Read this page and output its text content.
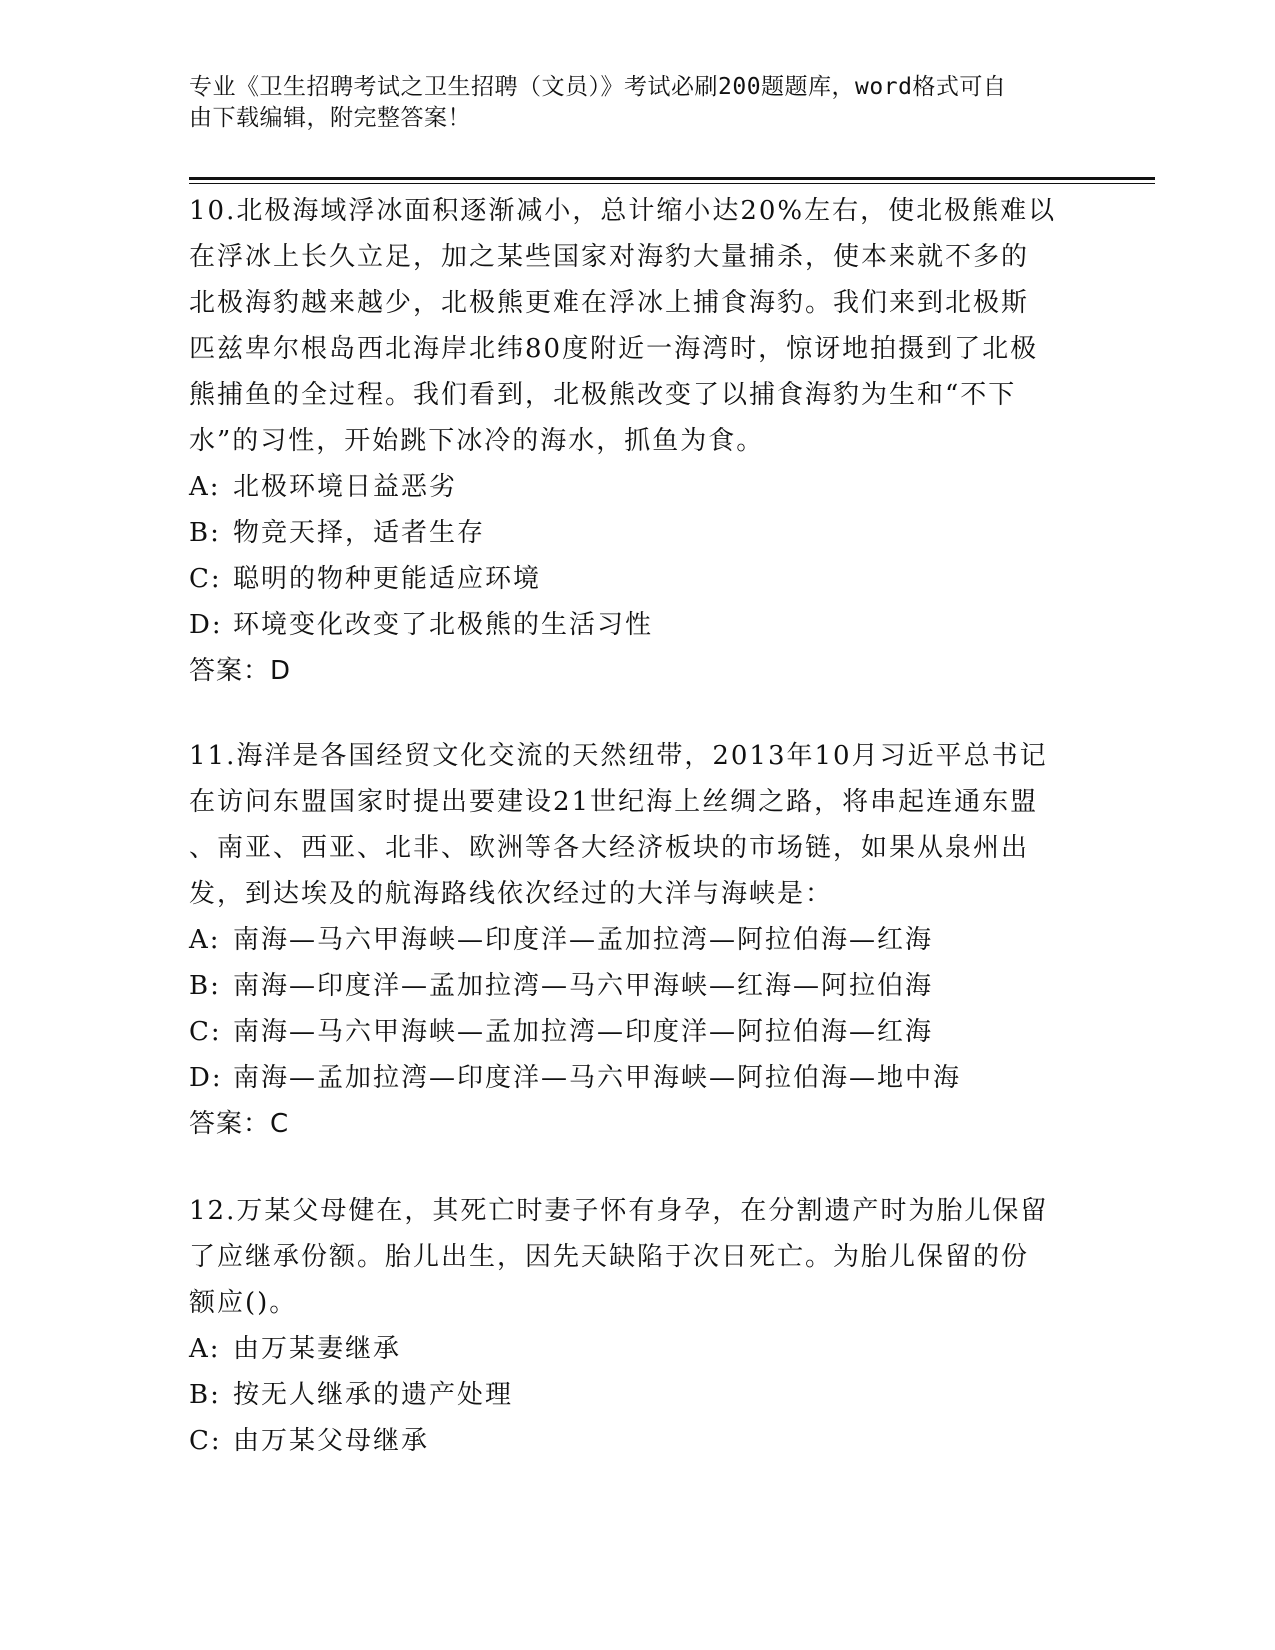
专业《卫生招聘考试之卫生招聘（文员）》考试必刷200题题库，word格式可自
由下载编辑，附完整答案！

10.北极海域浮冰面积逐渐减小，总计缩小达20%左右，使北极熊难以

在浮冰上长久立足，加之某些国家对海豹大量捕杀，使本来就不多的

北极海豹越来越少，北极熊更难在浮冰上捕食海豹。我们来到北极斯

匹兹卑尔根岛西北海岸北纬80度附近一海湾时，惊讶地拍摄到了北极

熊捕鱼的全过程。我们看到，北极熊改变了以捕食海豹为生和“不下

水”的习性，开始跳下冰冷的海水，抓鱼为食。

A: 北极环境日益恶劣

B: 物竞天择，适者生存

C: 聪明的物种更能适应环境

D: 环境变化改变了北极熊的生活习性

答案：D

11.海洋是各国经贸文化交流的天然纽带，2013年10月习近平总书记

在访问东盟国家时提出要建设21世纪海上丝绸之路，将串起连通东盟

、南亚、西亚、北非、欧洲等各大经济板块的市场链，如果从泉州出

发，到达埃及的航海路线依次经过的大洋与海峡是：

A: 南海—马六甲海峡—印度洋—孟加拉湾—阿拉伯海—红海

B: 南海—印度洋—孟加拉湾—马六甲海峡—红海—阿拉伯海

C: 南海—马六甲海峡—孟加拉湾—印度洋—阿拉伯海—红海

D: 南海—孟加拉湾—印度洋—马六甲海峡—阿拉伯海—地中海

答案：C

12.万某父母健在，其死亡时妻子怀有身孕，在分割遗产时为胎儿保留

了应继承份额。胎儿出生，因先天缺陷于次日死亡。为胎儿保留的份

额应()。

A: 由万某妻继承

B: 按无人继承的遗产处理

C: 由万某父母继承
